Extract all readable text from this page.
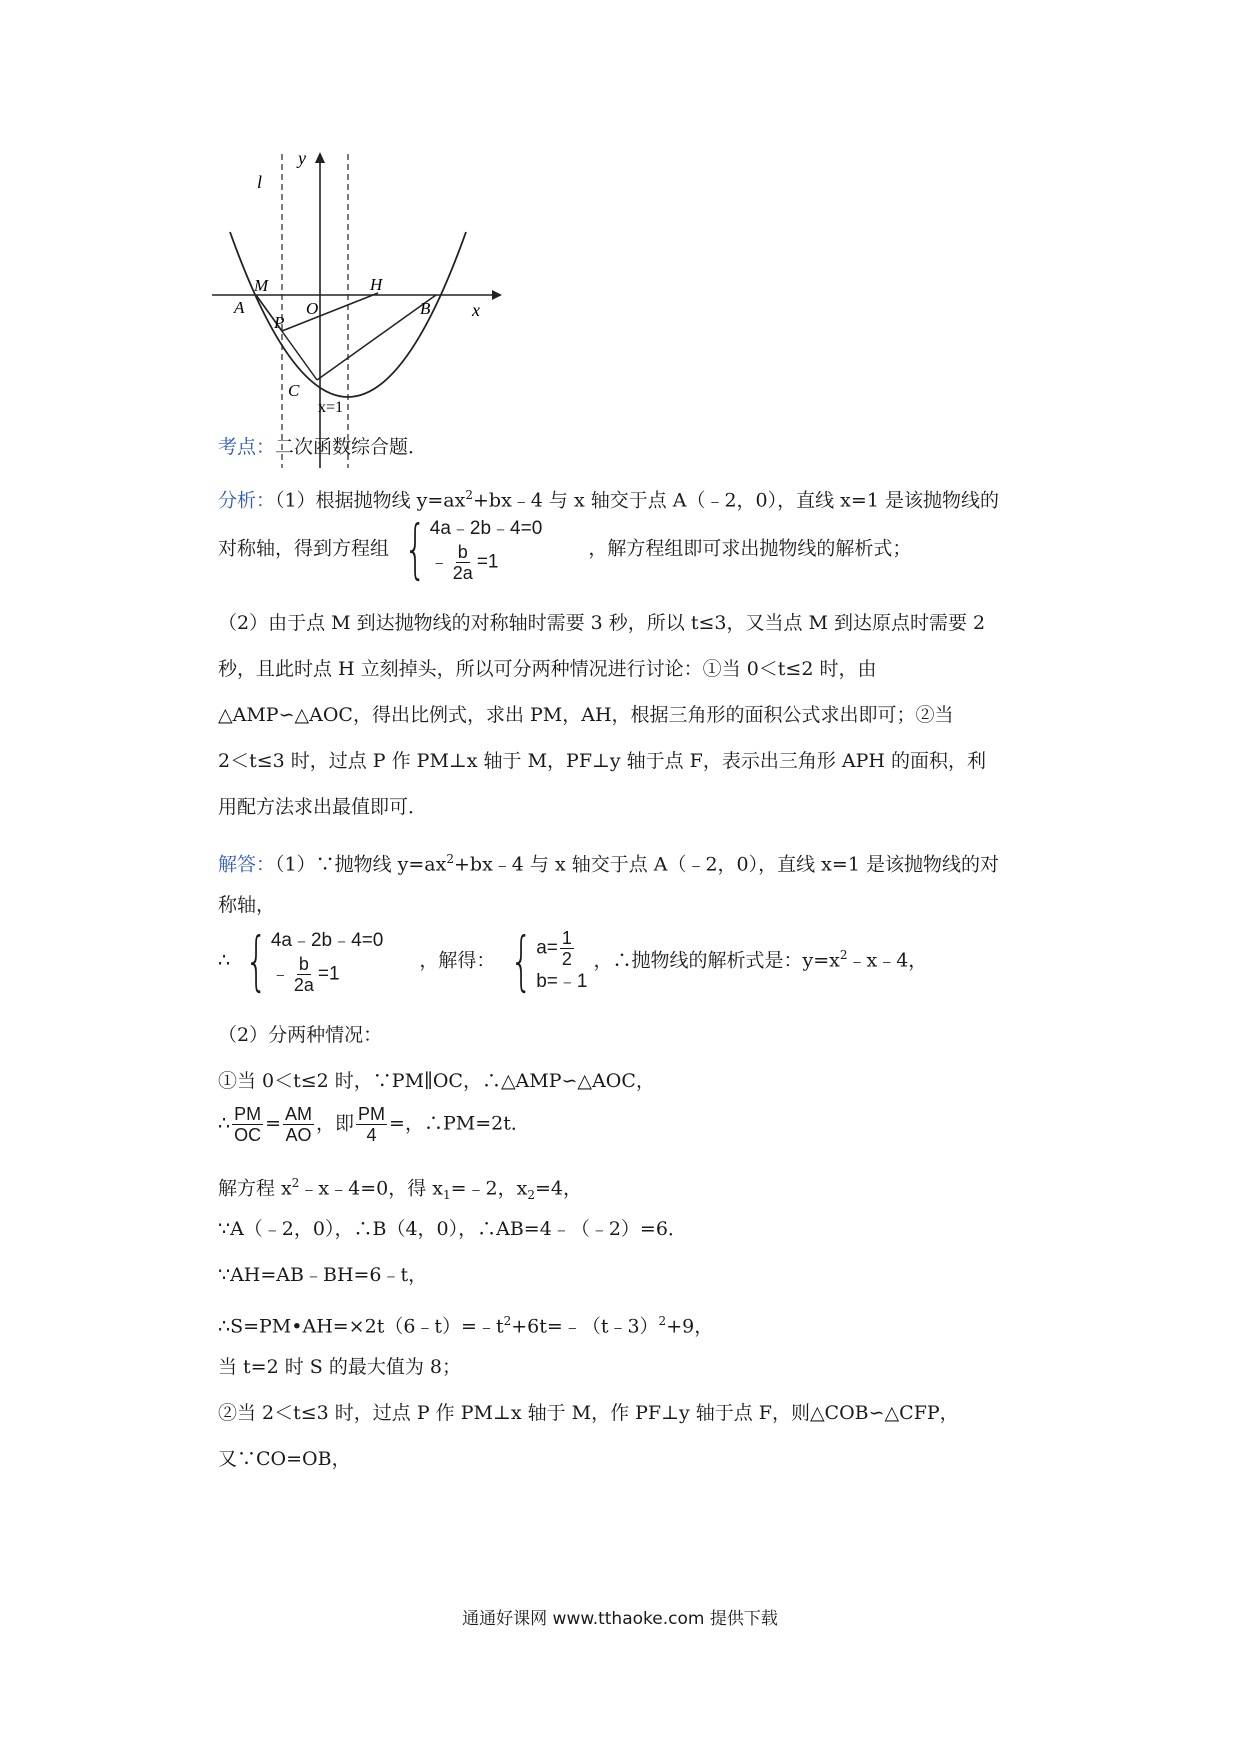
y
x
l
M
A
P
O
H
B
C
x=1
考点：二次函数综合题．
分析：（1）根据抛物线 $y=ax^2+bx﹣4$ 与 x 轴交于点 A（﹣2，0），直线 x=1 是该抛物线的
对称轴，得到方程组 { 4a﹣2b﹣4=0
﹣ $\frac{b}{2a} =1$
，解方程组即可求出抛物线的解析式；
（2）由于点 M 到达抛物线的对称轴时需要 3 秒，所以 t≤3，又当点 M 到达原点时需要 2
秒，且此时点 H 立刻掉头，所以可分两种情况进行讨论：①当 0＜t≤2 时，由
△AMP∽△AOC，得出比例式，求出 PM，AH，根据三角形的面积公式求出即可；②当
2＜t≤3 时，过点 P 作 PM⊥x 轴于 M，PF⊥y 轴于点 F，表示出三角形 APH 的面积，利
用配方法求出最值即可．
解答：（1）∵抛物线 $y=ax^2+bx﹣4$ 与 x 轴交于点 A（﹣2，0），直线 x=1 是该抛物线的对
称轴，
∴ { 4a﹣2b﹣4=0
﹣ $\frac{b}{2a} =1$
，解得： { $a= \frac{1}{2}$
b=﹣1
，∴抛物线的解析式是：$y=x^2﹣x﹣4$，
（2）分两种情况：
①当 0＜t≤2 时，∵PM∥OC，∴△AMP∽△AOC，
∴ $\frac{PM}{OC} = \frac{AM}{AO}$ ，即 $\frac{PM}{4}$ =，∴PM=2t．
解方程 $x^2﹣x﹣4=0$，得 $x_1=﹣2$，$x_2=4$，
∵A（﹣2，0），∴B（4，0），∴AB=4﹣（﹣2）=6．
∵AH=AB﹣BH=6﹣t，
$\therefore S=PM•AH=\times 2t(6﹣t)=﹣t^2+6t=﹣(t﹣3)^2+9$，
当 t=2 时 S 的最大值为 8；
②当 2＜t≤3 时，过点 P 作 PM⊥x 轴于 M，作 PF⊥y 轴于点 F，则△COB∽△CFP，
又∵CO=OB，
通通好课网 www.tthaoke.com 提供下载
